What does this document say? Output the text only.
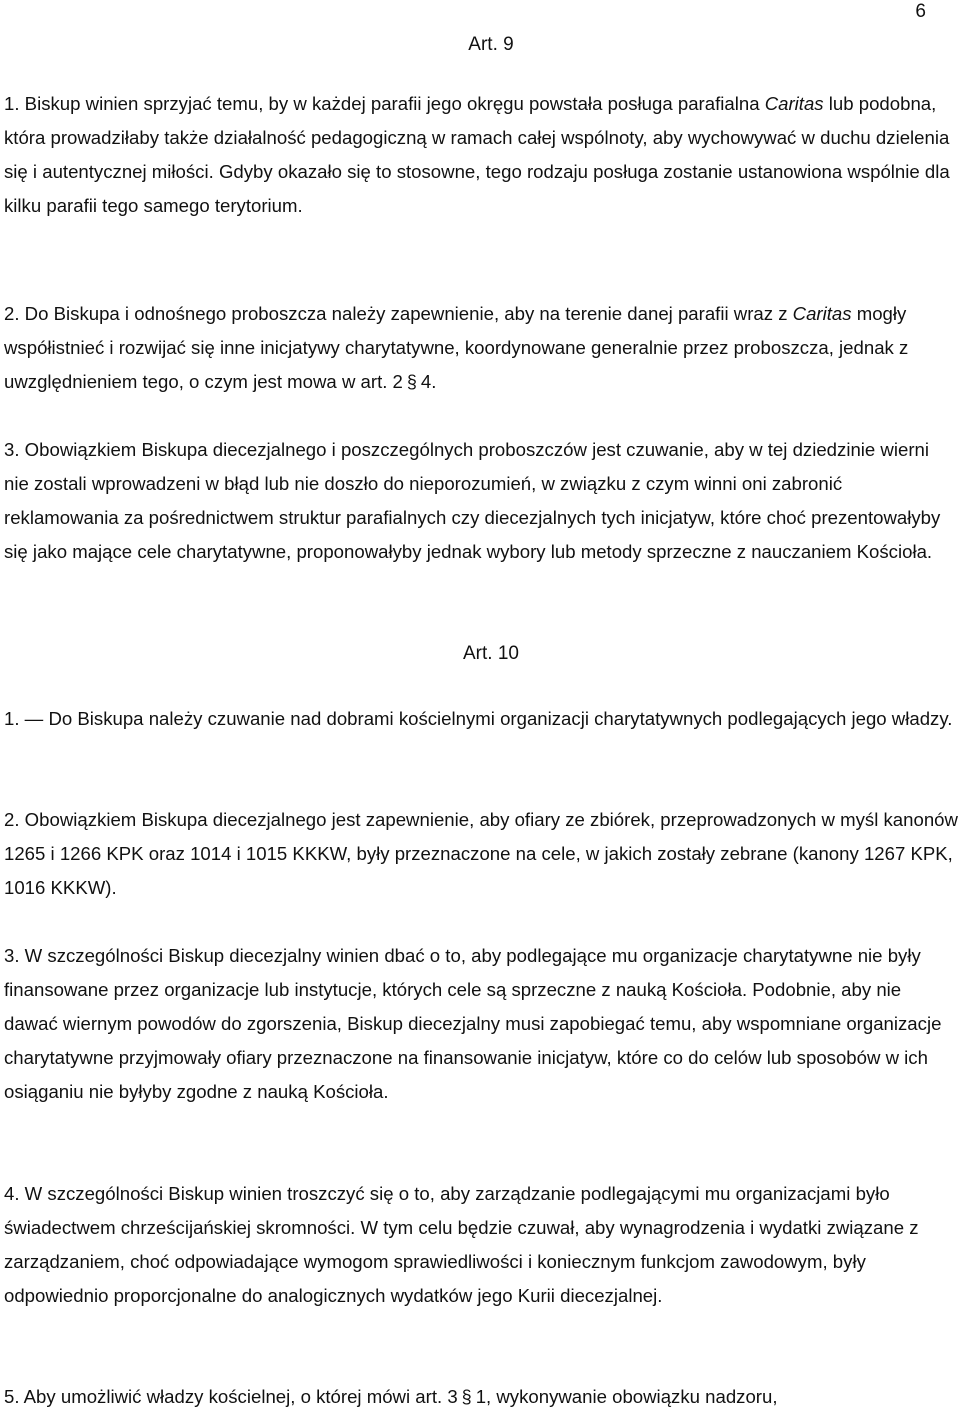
6
Art. 9

1. Biskup winien sprzyjać temu, by w każdej parafii jego okręgu powstała posługa parafialna Caritas lub podobna, która prowadziłaby także działalność pedagogiczną w ramach całej wspólnoty, aby wychowywać w duchu dzielenia się i autentycznej miłości. Gdyby okazało się to stosowne, tego rodzaju posługa zostanie ustanowiona wspólnie dla kilku parafii tego samego terytorium.

2. Do Biskupa i odnośnego proboszcza należy zapewnienie, aby na terenie danej parafii wraz z Caritas mogły współistnieć i rozwijać się inne inicjatywy charytatywne, koordynowane generalnie przez proboszcza, jednak z uwzględnieniem tego, o czym jest mowa w art. 2 § 4.

3. Obowiązkiem Biskupa diecezjalnego i poszczególnych proboszczów jest czuwanie, aby w tej dziedzinie wierni nie zostali wprowadzeni w błąd lub nie doszło do nieporozumień, w związku z czym winni oni zabronić reklamowania za pośrednictwem struktur parafialnych czy diecezjalnych tych inicjatyw, które choć prezentowałyby się jako mające cele charytatywne, proponowałyby jednak wybory lub metody sprzeczne z nauczaniem Kościoła.

Art. 10

1. — Do Biskupa należy czuwanie nad dobrami kościelnymi organizacji charytatywnych podlegających jego władzy.

2. Obowiązkiem Biskupa diecezjalnego jest zapewnienie, aby ofiary ze zbiórek, przeprowadzonych w myśl kanonów 1265 i 1266 KPK oraz 1014 i 1015 KKKW, były przeznaczone na cele, w jakich zostały zebrane (kanony 1267 KPK, 1016 KKKW).

3. W szczególności Biskup diecezjalny winien dbać o to, aby podlegające mu organizacje charytatywne nie były finansowane przez organizacje lub instytucje, których cele są sprzeczne z nauką Kościoła. Podobnie, aby nie dawać wiernym powodów do zgorszenia, Biskup diecezjalny musi zapobiegać temu, aby wspomniane organizacje charytatywne przyjmowały ofiary przeznaczone na finansowanie inicjatyw, które co do celów lub sposobów w ich osiąganiu nie byłyby zgodne z nauką Kościoła.

4. W szczególności Biskup winien troszczyć się o to, aby zarządzanie podlegającymi mu organizacjami było świadectwem chrześcijańskiej skromności. W tym celu będzie czuwał, aby wynagrodzenia i wydatki związane z zarządzaniem, choć odpowiadające wymogom sprawiedliwości i koniecznym funkcjom zawodowym, były odpowiednio proporcjonalne do analogicznych wydatków jego Kurii diecezjalnej.

5. Aby umożliwić władzy kościelnej, o której mówi art. 3 § 1, wykonywanie obowiązku nadzoru,
